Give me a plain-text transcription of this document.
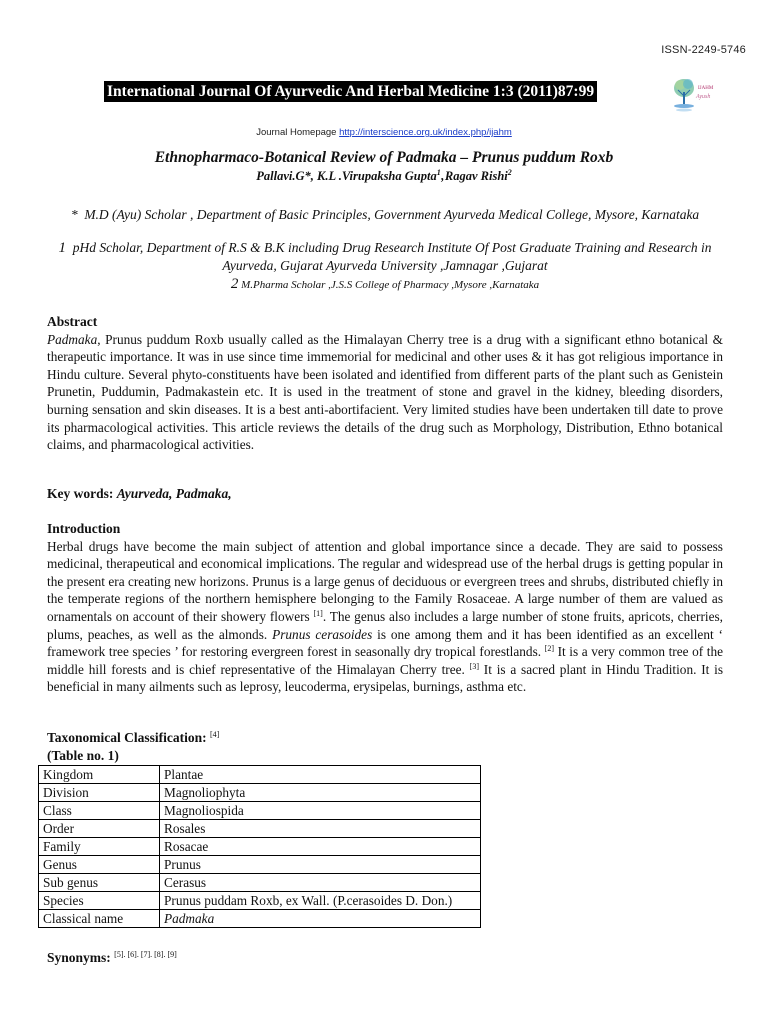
ISSN-2249-5746
International Journal Of Ayurvedic And Herbal Medicine 1:3 (2011)87:99	IJAHM
Ayush
Journal Homepage http://interscience.org.uk/index.php/ijahm
Ethnopharmaco-Botanical Review of Padmaka – Prunus puddum Roxb
Pallavi.G*, K.L .Virupaksha Gupta$^1$‚Ragav Rishi$^2$
* M.D (Ayu) Scholar , Department of Basic Principles, Government Ayurveda Medical College, Mysore, Karnataka
1 pHd Scholar, Department of R.S & B.K including Drug Research Institute Of Post Graduate Training and Research in Ayurveda, Gujarat Ayurveda University ,Jamnagar ,Gujarat
2 M.Pharma Scholar ,J.S.S College of Pharmacy ,Mysore ,Karnataka
Abstract
Padmaka, Prunus puddum Roxb usually called as the Himalayan Cherry tree is a drug with a significant ethno botanical & therapeutic importance. It was in use since time immemorial for medicinal and other uses & it has got religious importance in Hindu culture. Several phyto-constituents have been isolated and identified from different parts of the plant such as Genistein Prunetin, Puddumin, Padmakastein etc. It is used in the treatment of stone and gravel in the kidney, bleeding disorders, burning sensation and skin diseases. It is a best anti-abortifacient. Very limited studies have been undertaken till date to prove its pharmacological activities. This article reviews the details of the drug such as Morphology, Distribution, Ethno botanical claims, and pharmacological activities.
Key words: Ayurveda, Padmaka,
Introduction
Herbal drugs have become the main subject of attention and global importance since a decade. They are said to possess medicinal, therapeutical and economical implications. The regular and widespread use of the herbal drugs is getting popular in the present era creating new horizons. Prunus is a large genus of deciduous or evergreen trees and shrubs, distributed chiefly in the temperate regions of the northern hemisphere belonging to the Family Rosaceae. A large number of them are valued as ornamentals on account of their showery flowers [1]. The genus also includes a large number of stone fruits, apricots, cherries, plums, peaches, as well as the almonds. Prunus cerasoides is one among them and it has been identified as an excellent ‘ framework tree species ’ for restoring evergreen forest in seasonally dry tropical forestlands. [2] It is a very common tree of the middle hill forests and is chief representative of the Himalayan Cherry tree. [3] It is a sacred plant in Hindu Tradition. It is beneficial in many ailments such as leprosy, leucoderma, erysipelas, burnings, asthma etc.
Taxonomical Classification: [4]
(Table no. 1)
Kingdom	Plantae
Division	Magnoliophyta
Class	Magnoliospida
Order	Rosales
Family	Rosacae
Genus	Prunus
Sub genus	Cerasus
Species	Prunus puddam Roxb, ex Wall. (P.cerasoides D. Don.)
Classical name	Padmaka
Synonyms: [5]. [6]. [7]. [8]. [9]
